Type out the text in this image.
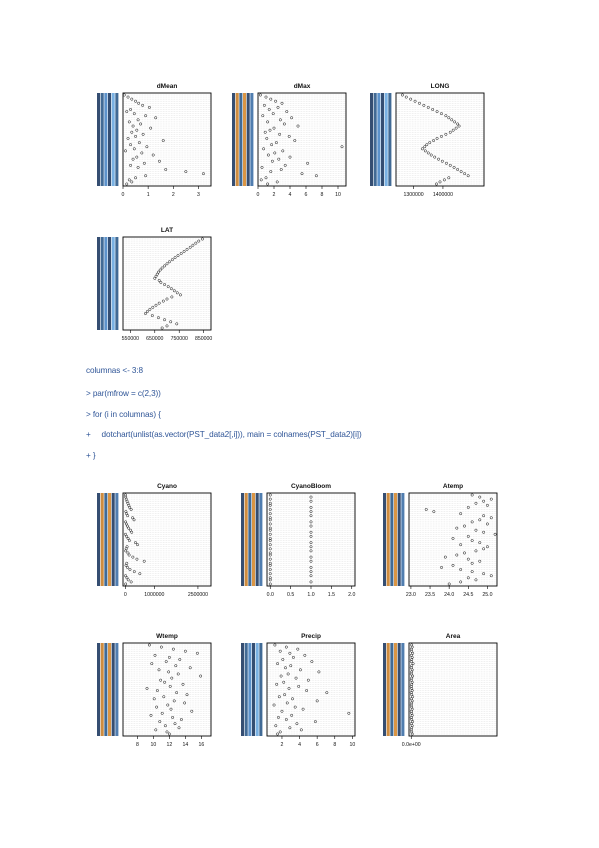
dMean
0	1	2	3
dMax
0	2	4	6	8 10
LONG
1300000 1400000
LAT
550000 650000 750000 850000
columnas <- 3:8
> par(mfrow = c(2,3))
> for (i in columnas) {
+     dotchart(unlist(as.vector(PST_data2[,i])), main = colnames(PST_data2)[i])
+ }
Cyano
0	1000000	2500000
CyanoBloom
0.0	0.5	1.0	1.5	2.0
Atemp
23.0 23.5 24.0 24.5 25.0
Wtemp
8 10 12 14 16
Precip
2	4	6	8	10
Area
0.0e+00
